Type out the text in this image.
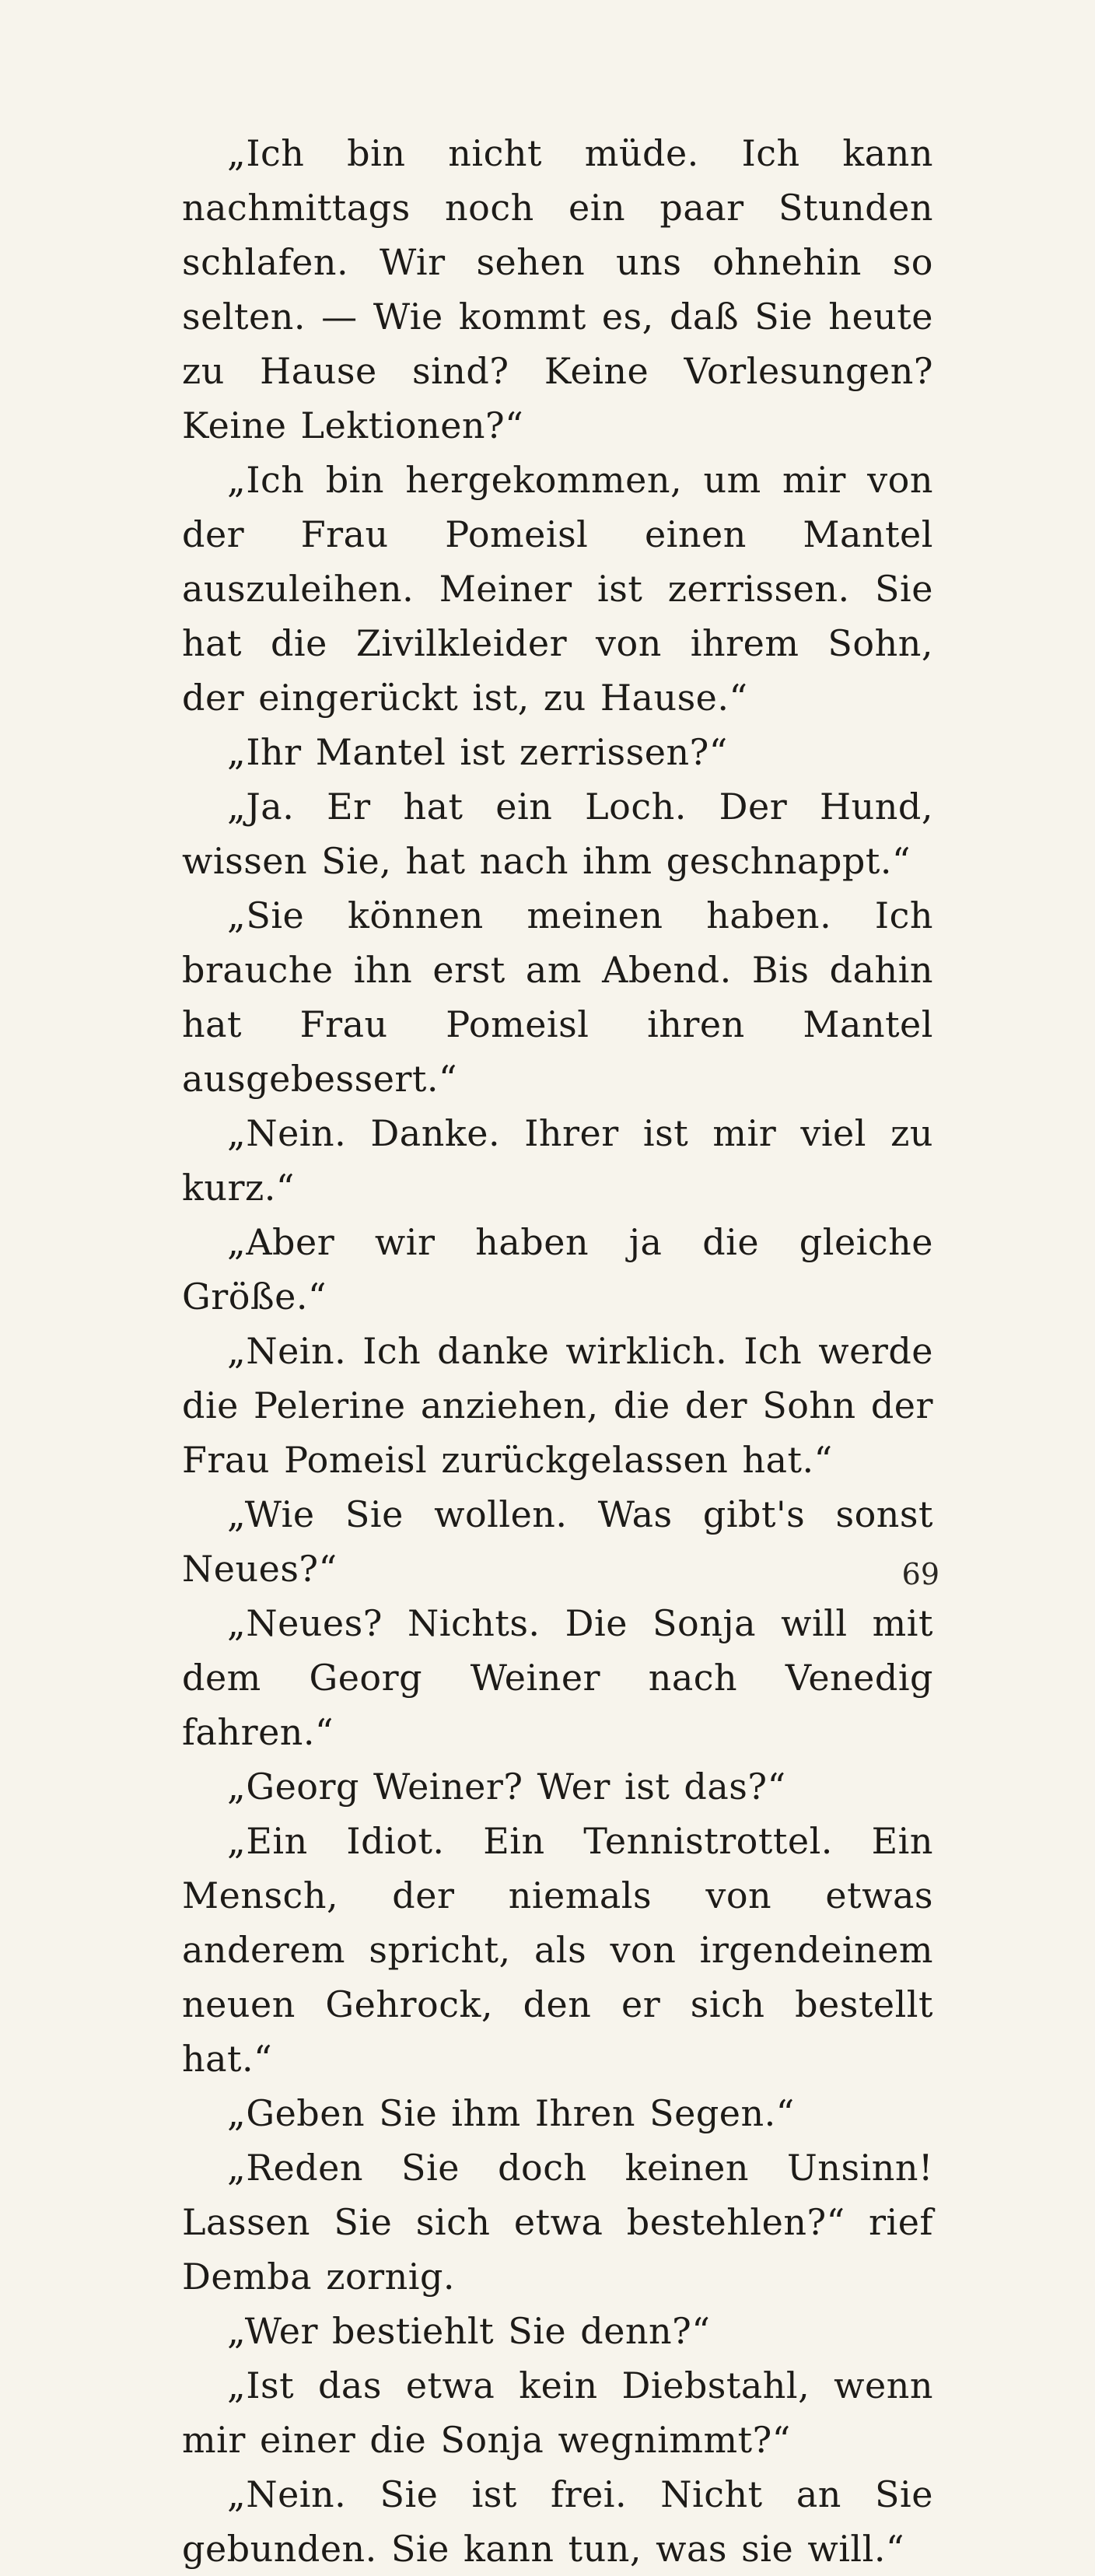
„Ich bin nicht müde. Ich kann nachmittags noch ein paar Stunden schlafen. Wir sehen uns ohnehin so selten. — Wie kommt es, daß Sie heute zu Hause sind? Keine Vorlesungen? Keine Lektionen?“

„Ich bin hergekommen, um mir von der Frau Pomeisl einen Mantel auszuleihen. Meiner ist zerrissen. Sie hat die Zivilkleider von ihrem Sohn, der eingerückt ist, zu Hause.“

„Ihr Mantel ist zerrissen?“

„Ja. Er hat ein Loch. Der Hund, wissen Sie, hat nach ihm geschnappt.“

„Sie können meinen haben. Ich brauche ihn erst am Abend. Bis dahin hat Frau Pomeisl ihren Mantel ausgebessert.“

„Nein. Danke. Ihrer ist mir viel zu kurz.“

„Aber wir haben ja die gleiche Größe.“

„Nein. Ich danke wirklich. Ich werde die Pelerine anziehen, die der Sohn der Frau Pomeisl zurückgelassen hat.“

„Wie Sie wollen. Was gibt's sonst Neues?“

„Neues? Nichts. Die Sonja will mit dem Georg Weiner nach Venedig fahren.“

„Georg Weiner? Wer ist das?“

„Ein Idiot. Ein Tennistrottel. Ein Mensch, der niemals von etwas anderem spricht, als von irgendeinem neuen Gehrock, den er sich bestellt hat.“

„Geben Sie ihm Ihren Segen.“

„Reden Sie doch keinen Unsinn! Lassen Sie sich etwa bestehlen?“ rief Demba zornig.

„Wer bestiehlt Sie denn?“

„Ist das etwa kein Diebstahl, wenn mir einer die Sonja wegnimmt?“

„Nein. Sie ist frei. Nicht an Sie gebunden. Sie kann tun, was sie will.“

69
